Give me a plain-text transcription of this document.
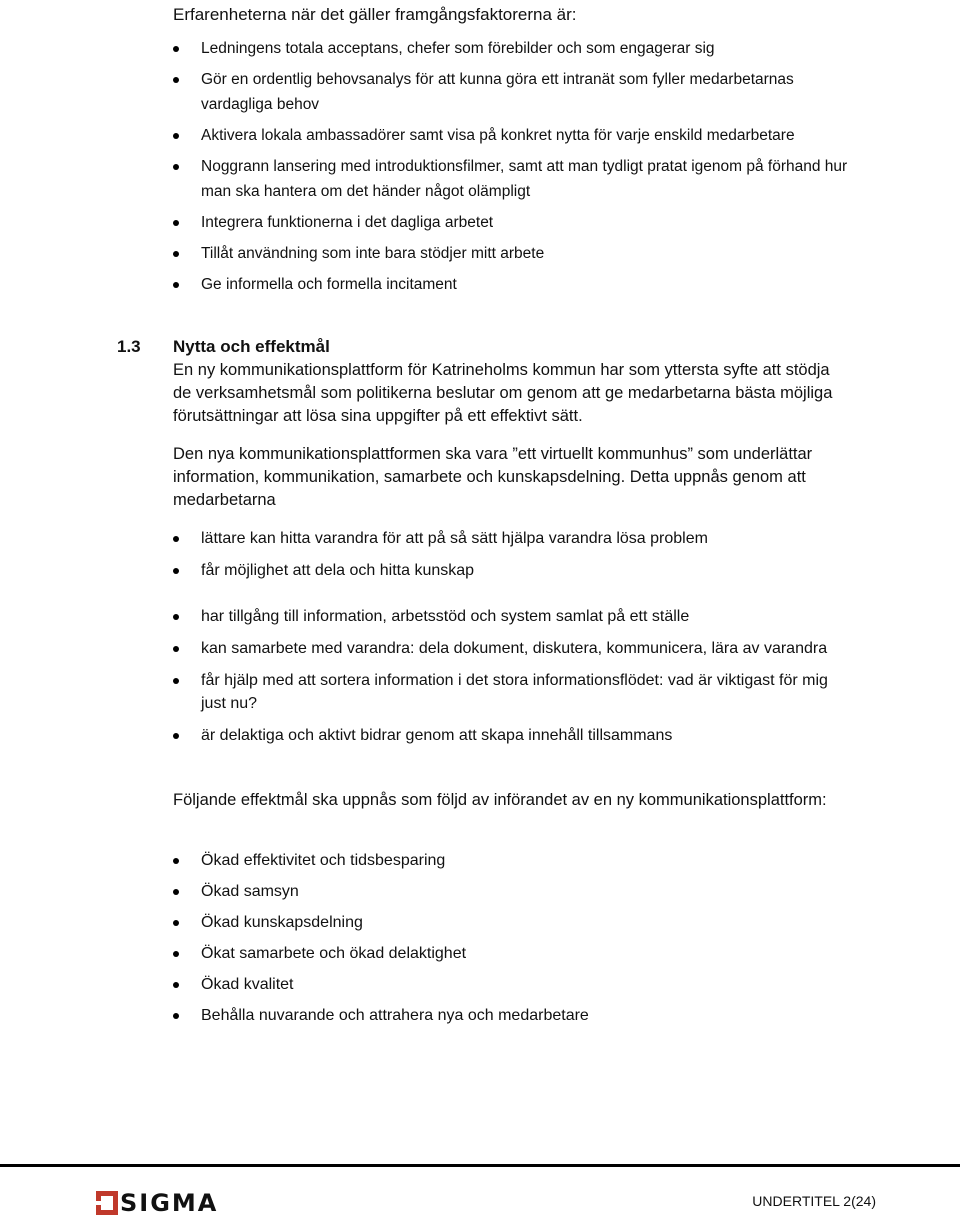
Erfarenheterna när det gäller framgångsfaktorerna är:
Ledningens totala acceptans, chefer som förebilder och som engagerar sig
Gör en ordentlig behovsanalys för att kunna göra ett intranät som fyller medarbetarnas vardagliga behov
Aktivera lokala ambassadörer samt visa på konkret nytta för varje enskild medarbetare
Noggrann lansering med introduktionsfilmer, samt att man tydligt pratat igenom på förhand hur man ska hantera om det händer något olämpligt
Integrera funktionerna i det dagliga arbetet
Tillåt användning som inte bara stödjer mitt arbete
Ge informella och formella incitament
1.3 Nytta och effektmål

En ny kommunikationsplattform för Katrineholms kommun har som yttersta syfte att stödja de verksamhetsmål som politikerna beslutar om genom att ge medarbetarna bästa möjliga förutsättningar att lösa sina uppgifter på ett effektivt sätt.

Den nya kommunikationsplattformen ska vara ”ett virtuellt kommunhus” som underlättar information, kommunikation, samarbete och kunskapsdelning. Detta uppnås genom att medarbetarna

lättare kan hitta varandra för att på så sätt hjälpa varandra lösa problem
får möjlighet att dela och hitta kunskap
har tillgång till information, arbetsstöd och system samlat på ett ställe
kan samarbete med varandra: dela dokument, diskutera, kommunicera, lära av varandra
får hjälp med att sortera information i det stora informationsflödet: vad är viktigast för mig just nu?
är delaktiga och aktivt bidrar genom att skapa innehåll tillsammans

Följande effektmål ska uppnås som följd av införandet av en ny kommunikationsplattform:

Ökad effektivitet och tidsbesparing
Ökad samsyn
Ökad kunskapsdelning
Ökat samarbete och ökad delaktighet
Ökad kvalitet
Behålla nuvarande och attrahera nya och medarbetare
SIGMA	UNDERTITEL 2(24)
